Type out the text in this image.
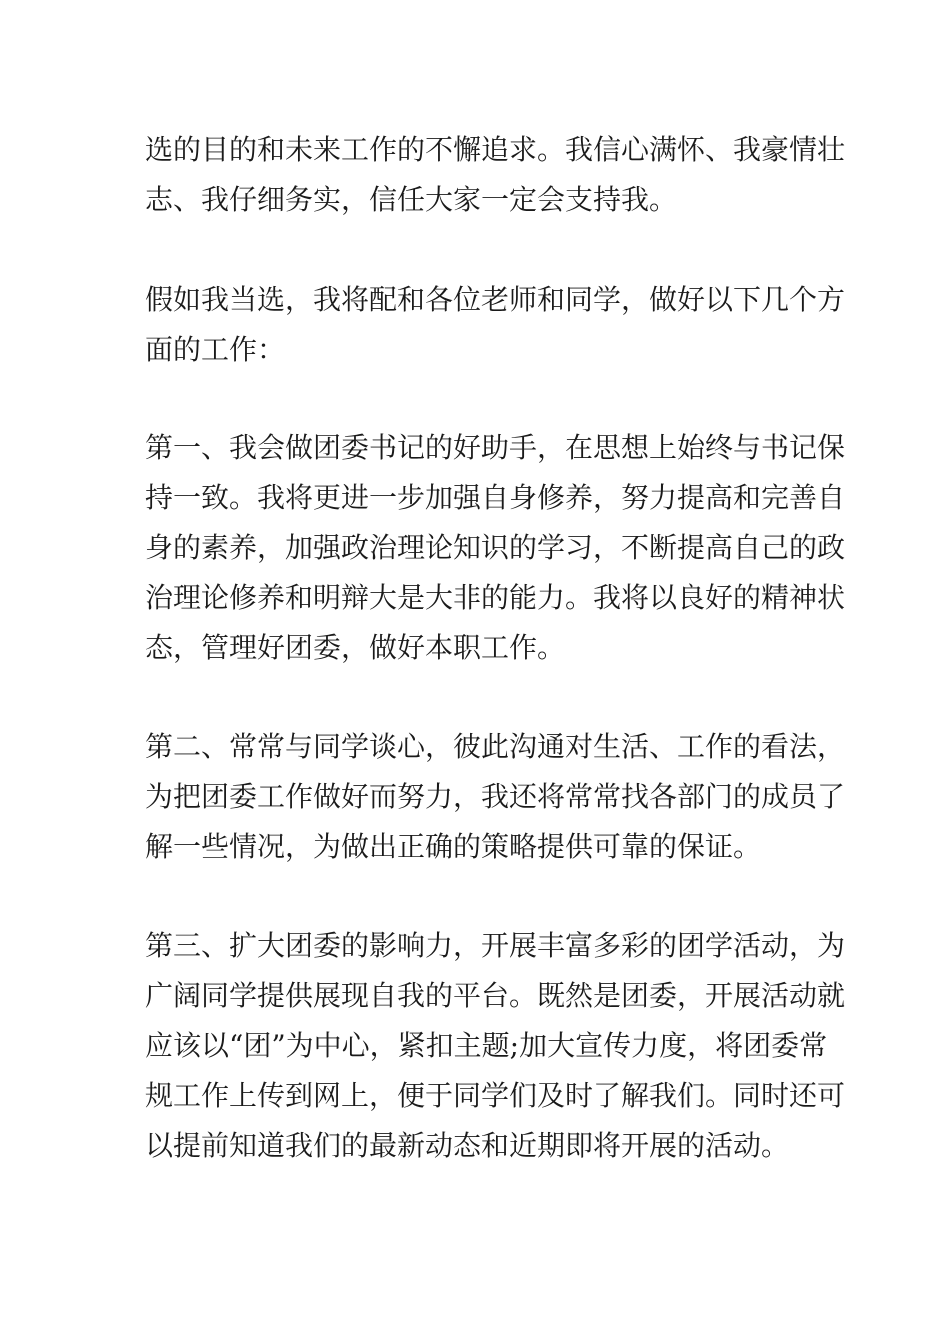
选的目的和未来工作的不懈追求。我信心满怀、我豪情壮
志、我仔细务实，信任大家一定会支持我。
假如我当选，我将配和各位老师和同学，做好以下几个方
面的工作：
第一、我会做团委书记的好助手，在思想上始终与书记保
持一致。我将更进一步加强自身修养，努力提高和完善自
身的素养，加强政治理论知识的学习，不断提高自己的政
治理论修养和明辩大是大非的能力。我将以良好的精神状
态，管理好团委，做好本职工作。
第二、常常与同学谈心，彼此沟通对生活、工作的看法，
为把团委工作做好而努力，我还将常常找各部门的成员了
解一些情况，为做出正确的策略提供可靠的保证。
第三、扩大团委的影响力，开展丰富多彩的团学活动，为
广阔同学提供展现自我的平台。既然是团委，开展活动就
应该以“团”为中心，紧扣主题;加大宣传力度，将团委常
规工作上传到网上，便于同学们及时了解我们。同时还可
以提前知道我们的最新动态和近期即将开展的活动。
